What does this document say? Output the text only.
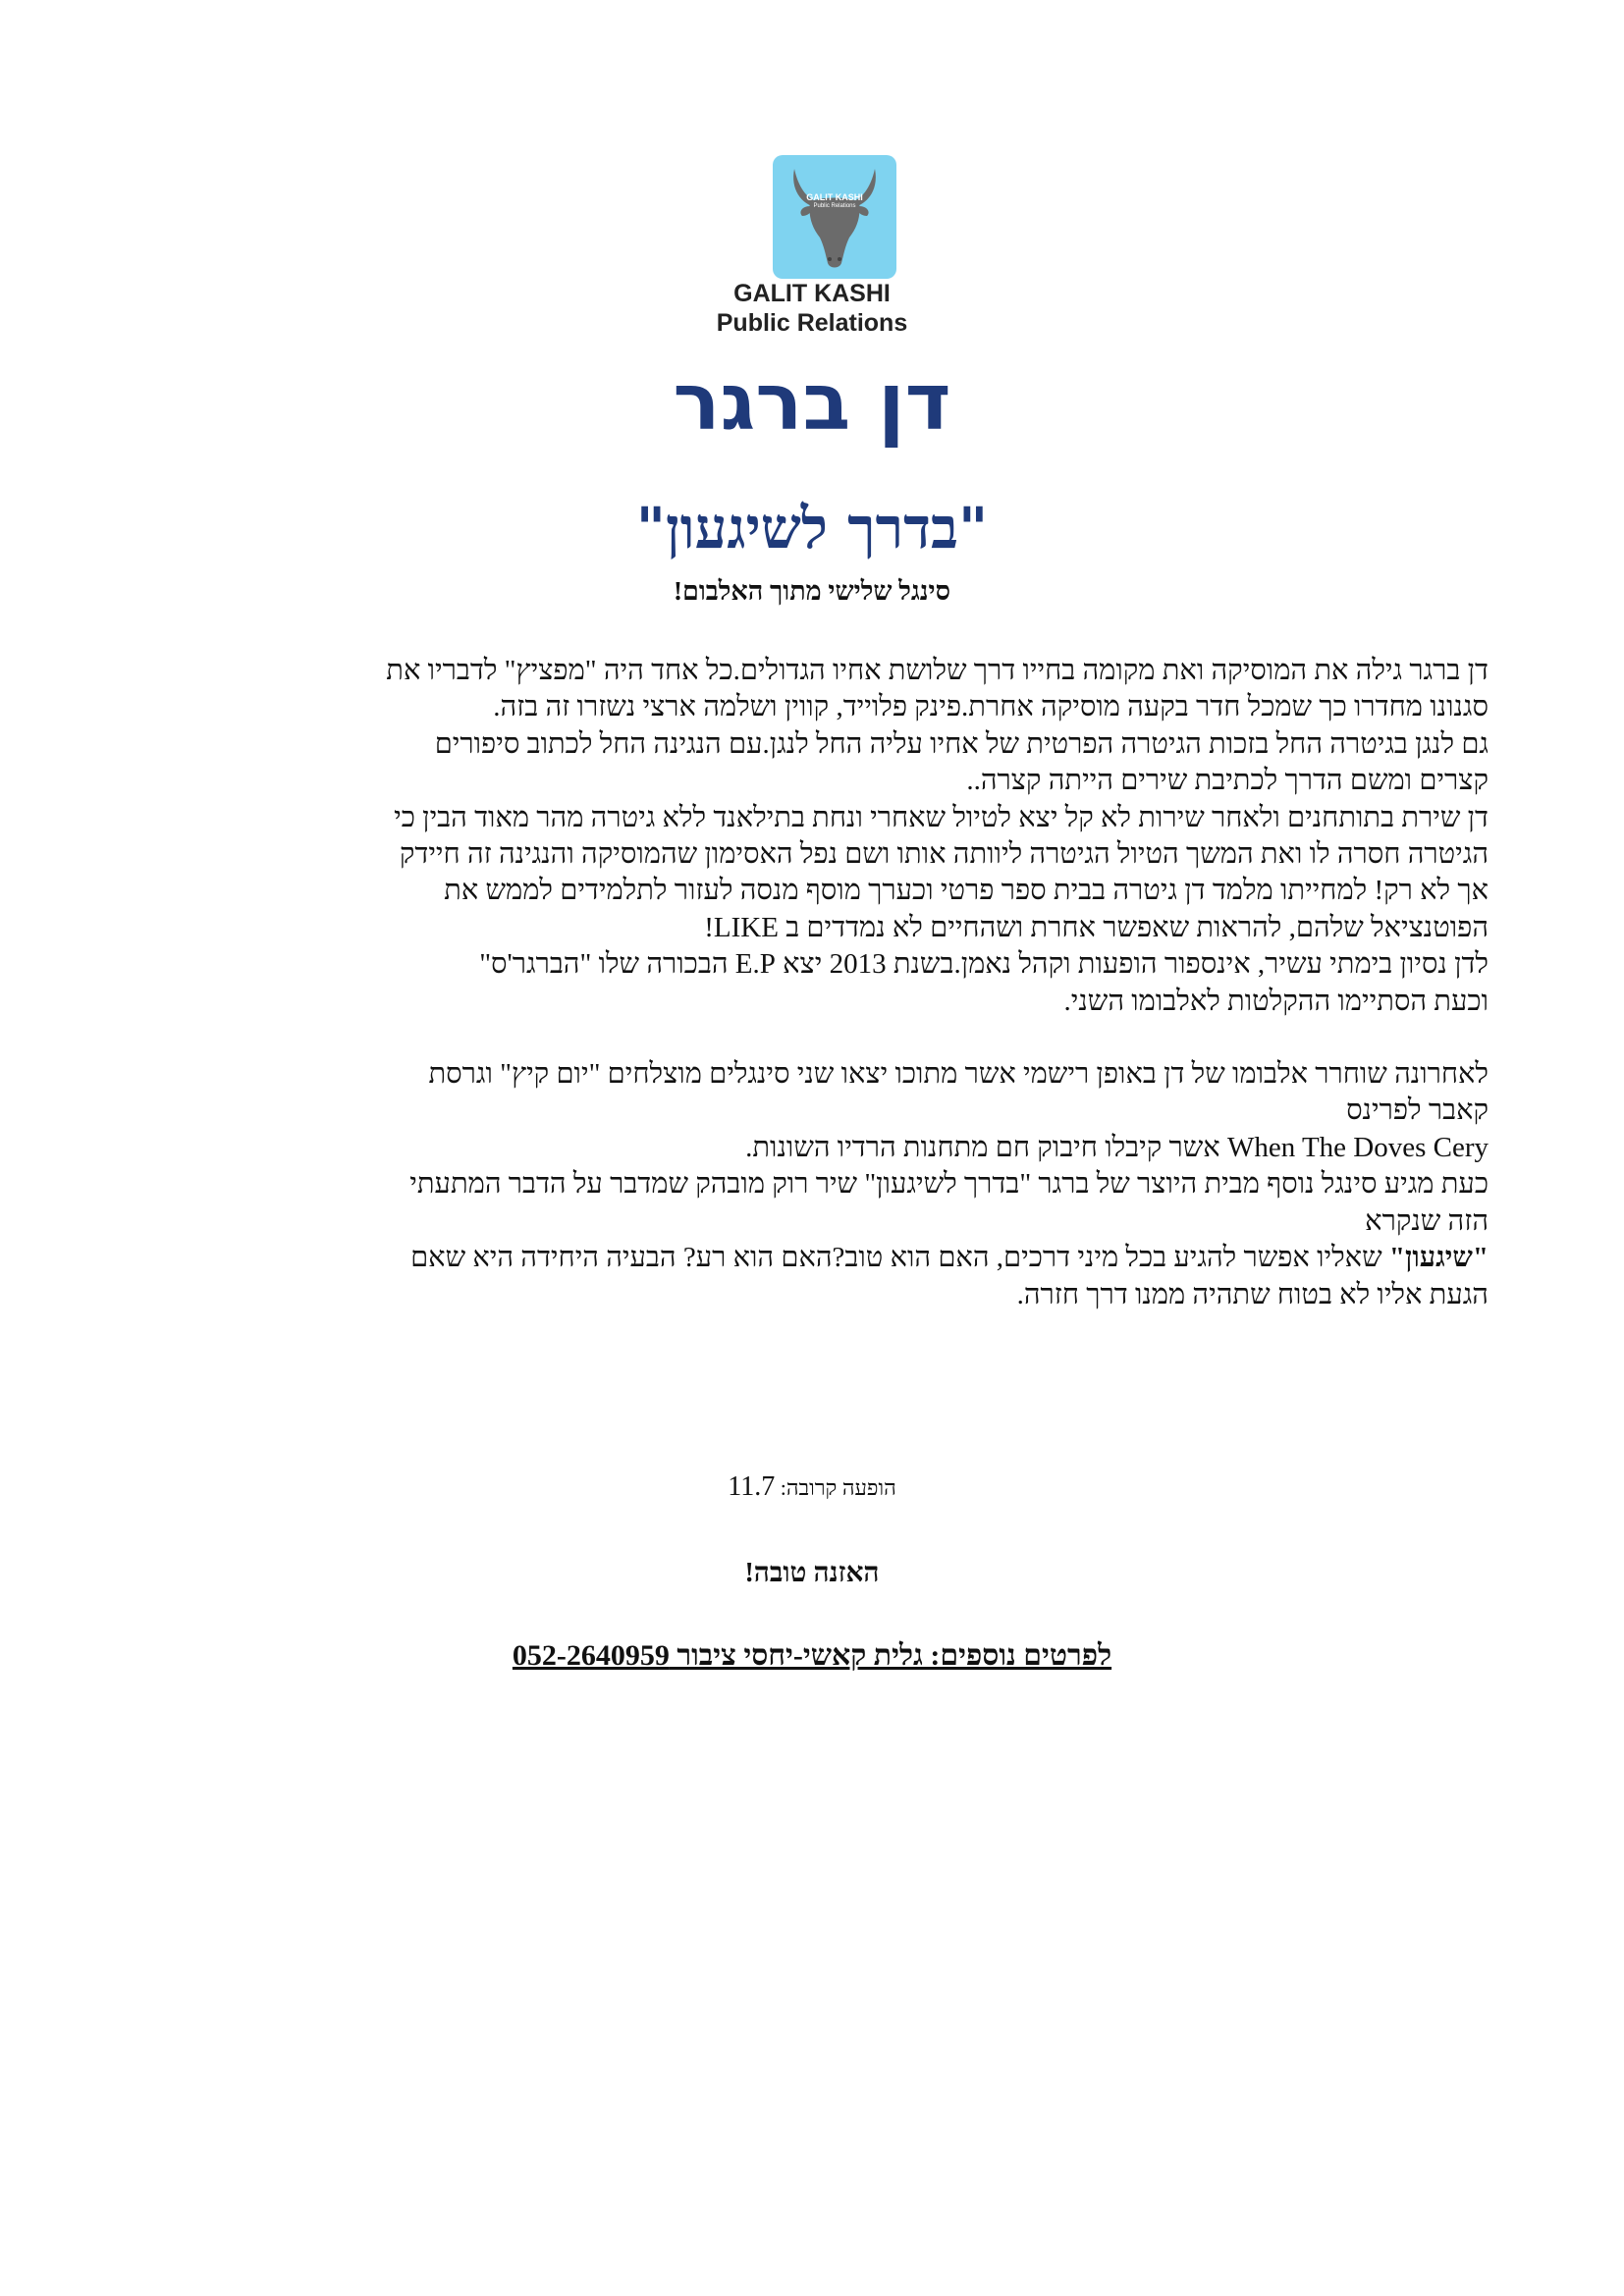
GALIT KASHI
Public Relations
GALIT KASHI
Public Relations
דן ברגר
"בדרך לשיגעון"
סינגל שלישי מתוך האלבום!

דן ברגר גילה את המוסיקה ואת מקומה בחייו דרך שלושת אחיו הגדולים.כל אחד היה "מפציץ" לדבריו את

סגנונו מחדרו כך שמכל חדר בקעה מוסיקה אחרת.פינק פלוייד, קווין ושלמה ארצי נשזרו זה בזה.

גם לנגן בגיטרה החל בזכות הגיטרה הפרטית של אחיו עליה החל לנגן.עם הנגינה החל לכתוב סיפורים

קצרים ומשם הדרך לכתיבת שירים הייתה קצרה..

דן שירת בתותחנים ולאחר שירות לא קל יצא לטיול שאחרי ונחת בתילאנד ללא גיטרה מהר מאוד הבין כי

הגיטרה חסרה לו ואת המשך הטיול הגיטרה ליוותה אותו ושם נפל האסימון שהמוסיקה והנגינה זה חיידק

אך לא רק! למחייתו מלמד דן גיטרה בבית ספר פרטי וכערך מוסף מנסה לעזור לתלמידים לממש את

הפוטנציאל שלהם, להראות שאפשר אחרת ושהחיים לא נמדדים ב LIKE!

לדן נסיון בימתי עשיר, אינספור הופעות וקהל נאמן.בשנת 2013 יצא E.P הבכורה שלו "הברגר'ס"

וכעת הסתיימו ההקלטות לאלבומו השני.

לאחרונה שוחרר אלבומו של דן באופן רישמי אשר מתוכו יצאו שני סינגלים מוצלחים "יום קיץ" וגרסת

קאבר לפרינס

When The Doves Cery אשר קיבלו חיבוק חם מתחנות הרדיו השונות.

כעת מגיע סינגל נוסף מבית היוצר של ברגר "בדרך לשיגעון" שיר רוק מובהק שמדבר על הדבר המתעתי

הזה שנקרא

"שיגעון" שאליו אפשר להגיע בכל מיני דרכים, האם הוא טוב?האם הוא רע? הבעיה היחידה היא שאם

הגעת אליו לא בטוח שתהיה ממנו דרך חזרה.

הופעה קרובה: 11.7
האזנה טובה!
לפרטים נוספים: גלית קאשי-יחסי ציבור 052-2640959
